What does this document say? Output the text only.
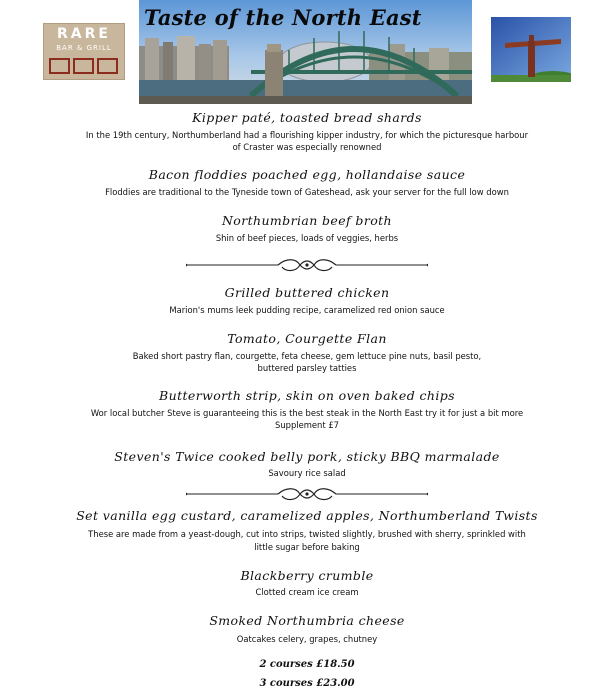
RARE
BAR & GRILL
Taste of the North East
Kipper paté, toasted bread shards
In the 19th century, Northumberland had a flourishing kipper industry, for which the picturesque harbour
of Craster was especially renowned
Bacon floddies poached egg, hollandaise sauce
Floddies are traditional to the Tyneside town of Gateshead, ask your server for the full low down
Northumbrian beef broth
Shin of beef pieces, loads of veggies, herbs
Grilled buttered chicken
Marion's mums leek pudding recipe, caramelized red onion sauce
Tomato, Courgette Flan
Baked short pastry flan, courgette, feta cheese, gem lettuce pine nuts, basil pesto,
buttered parsley tatties
Butterworth strip, skin on oven baked chips
Wor local butcher Steve is guaranteeing this is the best steak in the North East try it for just a bit more
Supplement £7
Steven's Twice cooked belly pork, sticky BBQ marmalade
Savoury rice salad
Set vanilla egg custard, caramelized apples, Northumberland Twists
These are made from a yeast-dough, cut into strips, twisted slightly, brushed with sherry, sprinkled with
little sugar before baking
Blackberry crumble
Clotted cream ice cream
Smoked Northumbria cheese
Oatcakes celery, grapes, chutney
2 courses £18.50
3 courses £23.00
